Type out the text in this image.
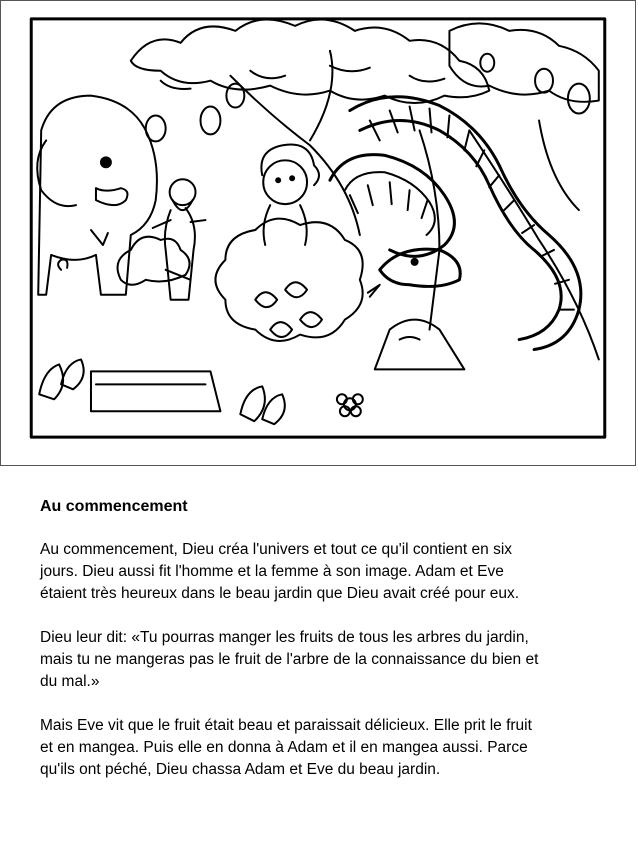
Au commencement
Au commencement, Dieu créa l'univers et tout ce qu'il contient en six
jours. Dieu aussi fit l'homme et la femme à son image. Adam et Eve
étaient très heureux dans le beau jardin que Dieu avait créé pour eux.
Dieu leur dit: «Tu pourras manger les fruits de tous les arbres du jardin,
mais tu ne mangeras pas le fruit de l'arbre de la connaissance du bien et
du mal.»
Mais Eve vit que le fruit était beau et paraissait délicieux. Elle prit le fruit
et en mangea. Puis elle en donna à Adam et il en mangea aussi. Parce
qu'ils ont péché, Dieu chassa Adam et Eve du beau jardin.
